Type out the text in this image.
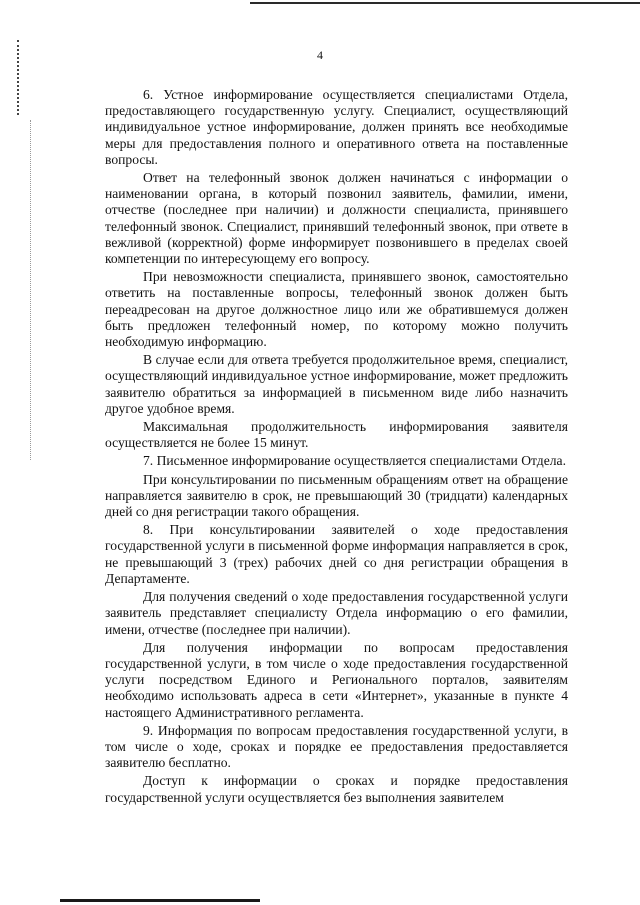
4

6. Устное информирование осуществляется специалистами Отдела, предоставляющего государственную услугу. Специалист, осуществляющий индивидуальное устное информирование, должен принять все необходимые меры для предоставления полного и оперативного ответа на поставленные вопросы.

Ответ на телефонный звонок должен начинаться с информации о наименовании органа, в который позвонил заявитель, фамилии, имени, отчестве (последнее при наличии) и должности специалиста, принявшего телефонный звонок. Специалист, принявший телефонный звонок, при ответе в вежливой (корректной) форме информирует позвонившего в пределах своей компетенции по интересующему его вопросу.

При невозможности специалиста, принявшего звонок, самостоятельно ответить на поставленные вопросы, телефонный звонок должен быть переадресован на другое должностное лицо или же обратившемуся должен быть предложен телефонный номер, по которому можно получить необходимую информацию.

В случае если для ответа требуется продолжительное время, специалист, осуществляющий индивидуальное устное информирование, может предложить заявителю обратиться за информацией в письменном виде либо назначить другое удобное время.

Максимальная продолжительность информирования заявителя осуществляется не более 15 минут.

7. Письменное информирование осуществляется специалистами Отдела.

При консультировании по письменным обращениям ответ на обращение направляется заявителю в срок, не превышающий 30 (тридцати) календарных дней со дня регистрации такого обращения.

8. При консультировании заявителей о ходе предоставления государственной услуги в письменной форме информация направляется в срок, не превышающий 3 (трех) рабочих дней со дня регистрации обращения в Департаменте.

Для получения сведений о ходе предоставления государственной услуги заявитель представляет специалисту Отдела информацию о его фамилии, имени, отчестве (последнее при наличии).

Для получения информации по вопросам предоставления государственной услуги, в том числе о ходе предоставления государственной услуги посредством Единого и Регионального порталов, заявителям необходимо использовать адреса в сети «Интернет», указанные в пункте 4 настоящего Административного регламента.

9. Информация по вопросам предоставления государственной услуги, в том числе о ходе, сроках и порядке ее предоставления предоставляется заявителю бесплатно.

Доступ к информации о сроках и порядке предоставления государственной услуги осуществляется без выполнения заявителем
